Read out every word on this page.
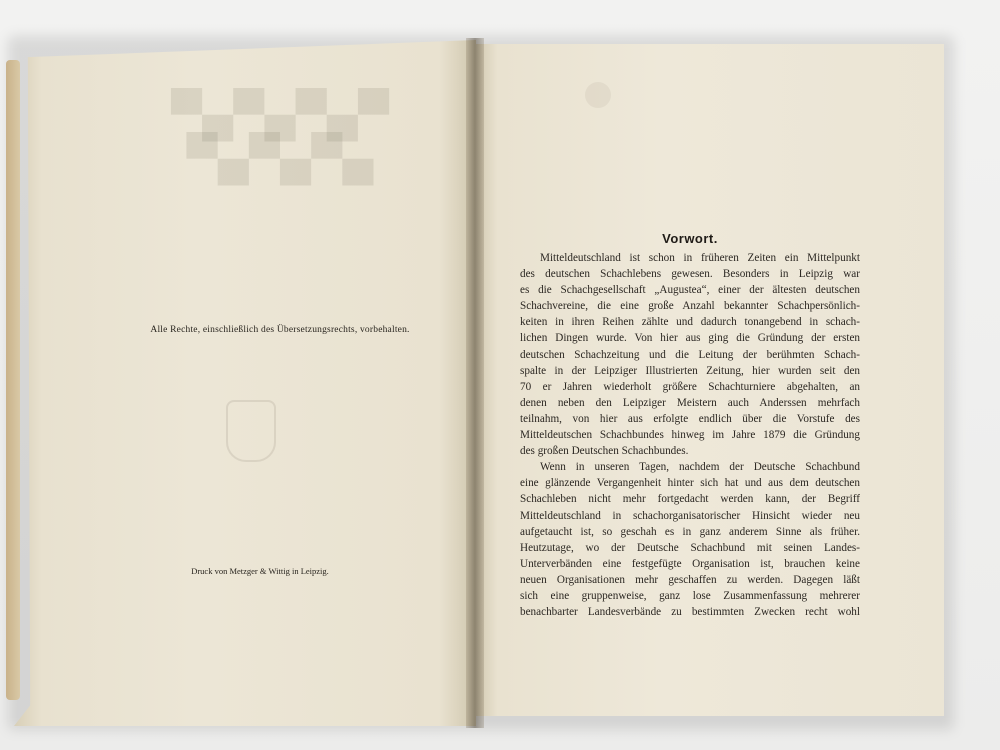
▀▄▀▄▀▄▀
▄▀▄▀▄▀
Alle Rechte, einschließlich des Übersetzungsrechts, vorbehalten.
Druck von Metzger & Wittig in Leipzig.
Vorwort.
Mitteldeutschland ist schon in früheren Zeiten ein Mittelpunkt
des deutschen Schachlebens gewesen. Besonders in Leipzig war
es die Schachgesellschaft „Augustea“, einer der ältesten deutschen
Schachvereine, die eine große Anzahl bekannter Schachpersönlich-
keiten in ihren Reihen zählte und dadurch tonangebend in schach-
lichen Dingen wurde. Von hier aus ging die Gründung der ersten
deutschen Schachzeitung und die Leitung der berühmten Schach-
spalte in der Leipziger Illustrierten Zeitung, hier wurden seit den
70 er Jahren wiederholt größere Schachturniere abgehalten, an
denen neben den Leipziger Meistern auch Anderssen mehrfach
teilnahm, von hier aus erfolgte endlich über die Vorstufe des
Mitteldeutschen Schachbundes hinweg im Jahre 1879 die Gründung
des großen Deutschen Schachbundes.
Wenn in unseren Tagen, nachdem der Deutsche Schachbund
eine glänzende Vergangenheit hinter sich hat und aus dem deutschen
Schachleben nicht mehr fortgedacht werden kann, der Begriff
Mitteldeutschland in schachorganisatorischer Hinsicht wieder neu
aufgetaucht ist, so geschah es in ganz anderem Sinne als früher.
Heutzutage, wo der Deutsche Schachbund mit seinen Landes-
Unterverbänden eine festgefügte Organisation ist, brauchen keine
neuen Organisationen mehr geschaffen zu werden. Dagegen läßt
sich eine gruppenweise, ganz lose Zusammenfassung mehrerer
benachbarter Landesverbände zu bestimmten Zwecken recht wohl
